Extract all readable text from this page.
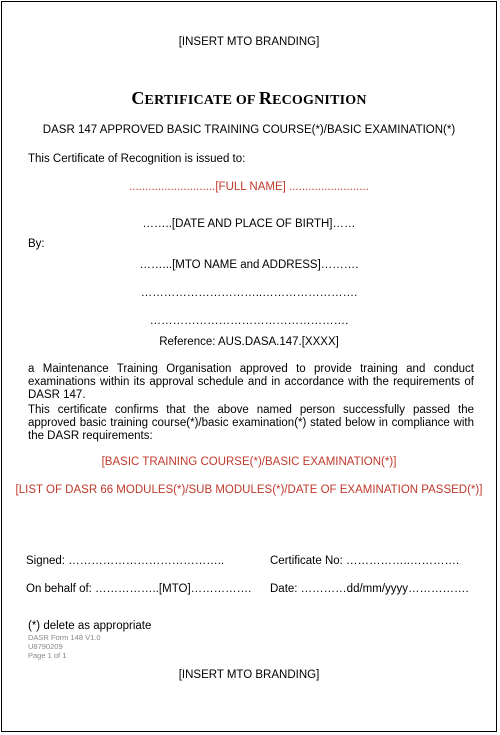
[INSERT MTO BRANDING]
CERTIFICATE OF RECOGNITION
DASR 147 APPROVED BASIC TRAINING COURSE(*)/BASIC EXAMINATION(*)
This Certificate of Recognition is issued to:
...........................[FULL NAME] .........................
……..[DATE AND PLACE OF BIRTH]……
By:
……...[MTO NAME and ADDRESS]……….
…………………………..…………………….
…………………………………………….
Reference: AUS.DASA.147.[XXXX]
a Maintenance Training Organisation approved to provide training and conduct examinations within its approval schedule and in accordance with the requirements of DASR 147.
This certificate confirms that the above named person successfully passed the approved basic training course(*)/basic examination(*) stated below in compliance with the DASR requirements:
[BASIC TRAINING COURSE(*)/BASIC EXAMINATION(*)]
[LIST OF DASR 66 MODULES(*)/SUB MODULES(*)/DATE OF EXAMINATION PASSED(*)]
Signed: …………………………………..	Certificate No: ……………..………….
On behalf of: ……………..[MTO]……………. Date: …………dd/mm/yyyy…………….
(*) delete as appropriate
DASR Form 148 V1.0
U8790209
Page 1 of 1
[INSERT MTO BRANDING]
